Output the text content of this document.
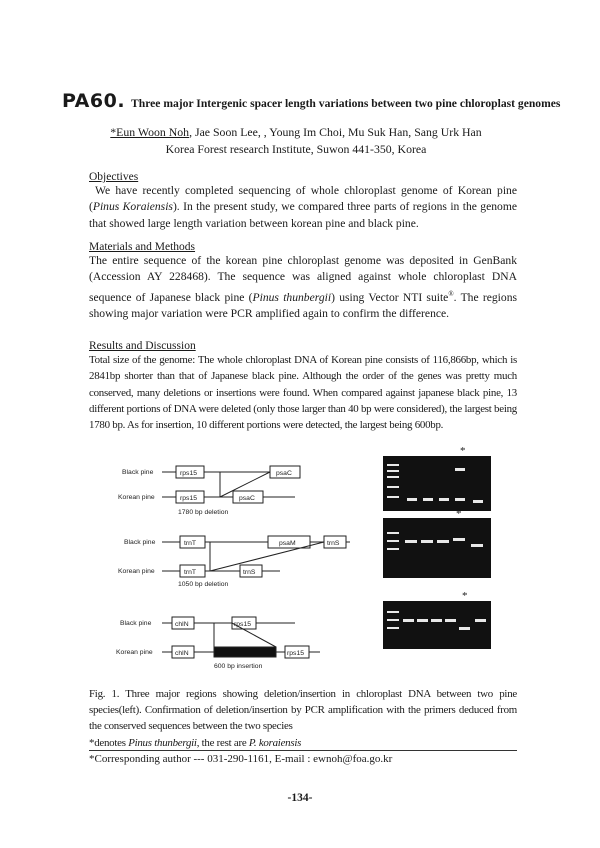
PA60. Three major Intergenic spacer length variations between two pine chloroplast genomes
*Eun Woon Noh, Jae Soon Lee, , Young Im Choi, Mu Suk Han, Sang Urk Han
Korea Forest research Institute, Suwon 441-350, Korea
Objectives
We have recently completed sequencing of whole chloroplast genome of Korean pine (Pinus Koraiensis). In the present study, we compared three parts of regions in the genome that showed large length variation between korean pine and black pine.
Materials and Methods
The entire sequence of the korean pine chloroplast genome was deposited in GenBank (Accession AY 228468). The sequence was aligned against whole chloroplast DNA sequence of Japanese black pine (Pinus thunbergii) using Vector NTI suite®. The regions showing major variation were PCR amplified again to confirm the difference.
Results and Discussion
Total size of the genome: The whole chloroplast DNA of Korean pine consists of 116,866bp, which is 2841bp shorter than that of Japanese black pine. Although the order of the genes was pretty much conserved, many deletions or insertions were found. When compared against japanese black pine, 13 different portions of DNA were deleted (only those larger than 40 bp were considered), the largest being 1780 bp. As for insertion, 10 different portions were detected, the largest being 600bp.
Black pine
Korean pine
rps15	psaC
rps15	psaC
1780 bp deletion
Black pine
Korean pine
trnT	psaM	trnS
trnT	trnS
1050 bp deletion
Black pine
Korean pine
chlN	rps15
chlN	rps15
600 bp insertion
*
*
*
Fig. 1. Three major regions showing deletion/insertion in chloroplast DNA between two pine species(left). Confirmation of deletion/insertion by PCR amplification with the primers deduced from the conserved sequences between the two species
*denotes Pinus thunbergii, the rest are P. koraiensis
*Corresponding author --- 031-290-1161, E-mail : ewnoh@foa.go.kr
-134-
